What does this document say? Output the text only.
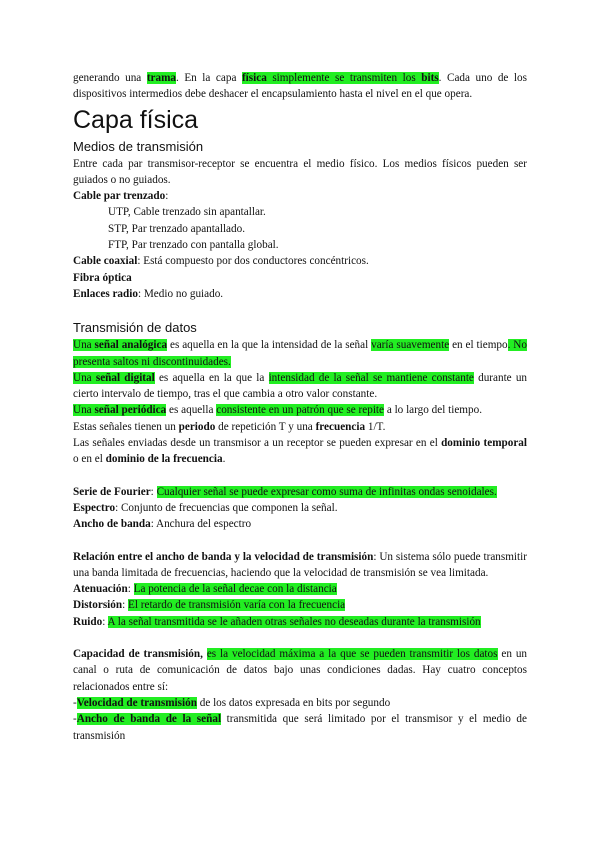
generando una trama. En la capa física simplemente se transmiten los bits. Cada uno de los dispositivos intermedios debe deshacer el encapsulamiento hasta el nivel en el que opera.

Capa física
Medios de transmisión

Entre cada par transmisor-receptor se encuentra el medio físico. Los medios físicos pueden ser guiados o no guiados.

Cable par trenzado:

UTP, Cable trenzado sin apantallar.

STP, Par trenzado apantallado.

FTP, Par trenzado con pantalla global.

Cable coaxial: Está compuesto por dos conductores concéntricos.

Fibra óptica

Enlaces radio: Medio no guiado.

Transmisión de datos

Una señal analógica es aquella en la que la intensidad de la señal varía suavemente en el tiempo. No presenta saltos ni discontinuidades.

Una señal digital es aquella en la que la intensidad de la señal se mantiene constante durante un cierto intervalo de tiempo, tras el que cambia a otro valor constante.

Una señal periódica es aquella consistente en un patrón que se repite a lo largo del tiempo.

Estas señales tienen un periodo de repetición T y una frecuencia 1/T.

Las señales enviadas desde un transmisor a un receptor se pueden expresar en el dominio temporal o en el dominio de la frecuencia.

Serie de Fourier: Cualquier señal se puede expresar como suma de infinitas ondas senoidales.

Espectro: Conjunto de frecuencias que componen la señal.

Ancho de banda: Anchura del espectro

Relación entre el ancho de banda y la velocidad de transmisión: Un sistema sólo puede transmitir una banda limitada de frecuencias, haciendo que la velocidad de transmisión se vea limitada.

Atenuación: La potencia de la señal decae con la distancia

Distorsión: El retardo de transmisión varía con la frecuencia

Ruido: A la señal transmitida se le añaden otras señales no deseadas durante la transmisión

Capacidad de transmisión, es la velocidad máxima a la que se pueden transmitir los datos en un canal o ruta de comunicación de datos bajo unas condiciones dadas. Hay cuatro conceptos relacionados entre sí:

-Velocidad de transmisión de los datos expresada en bits por segundo

-Ancho de banda de la señal transmitida que será limitado por el transmisor y el medio de transmisión
